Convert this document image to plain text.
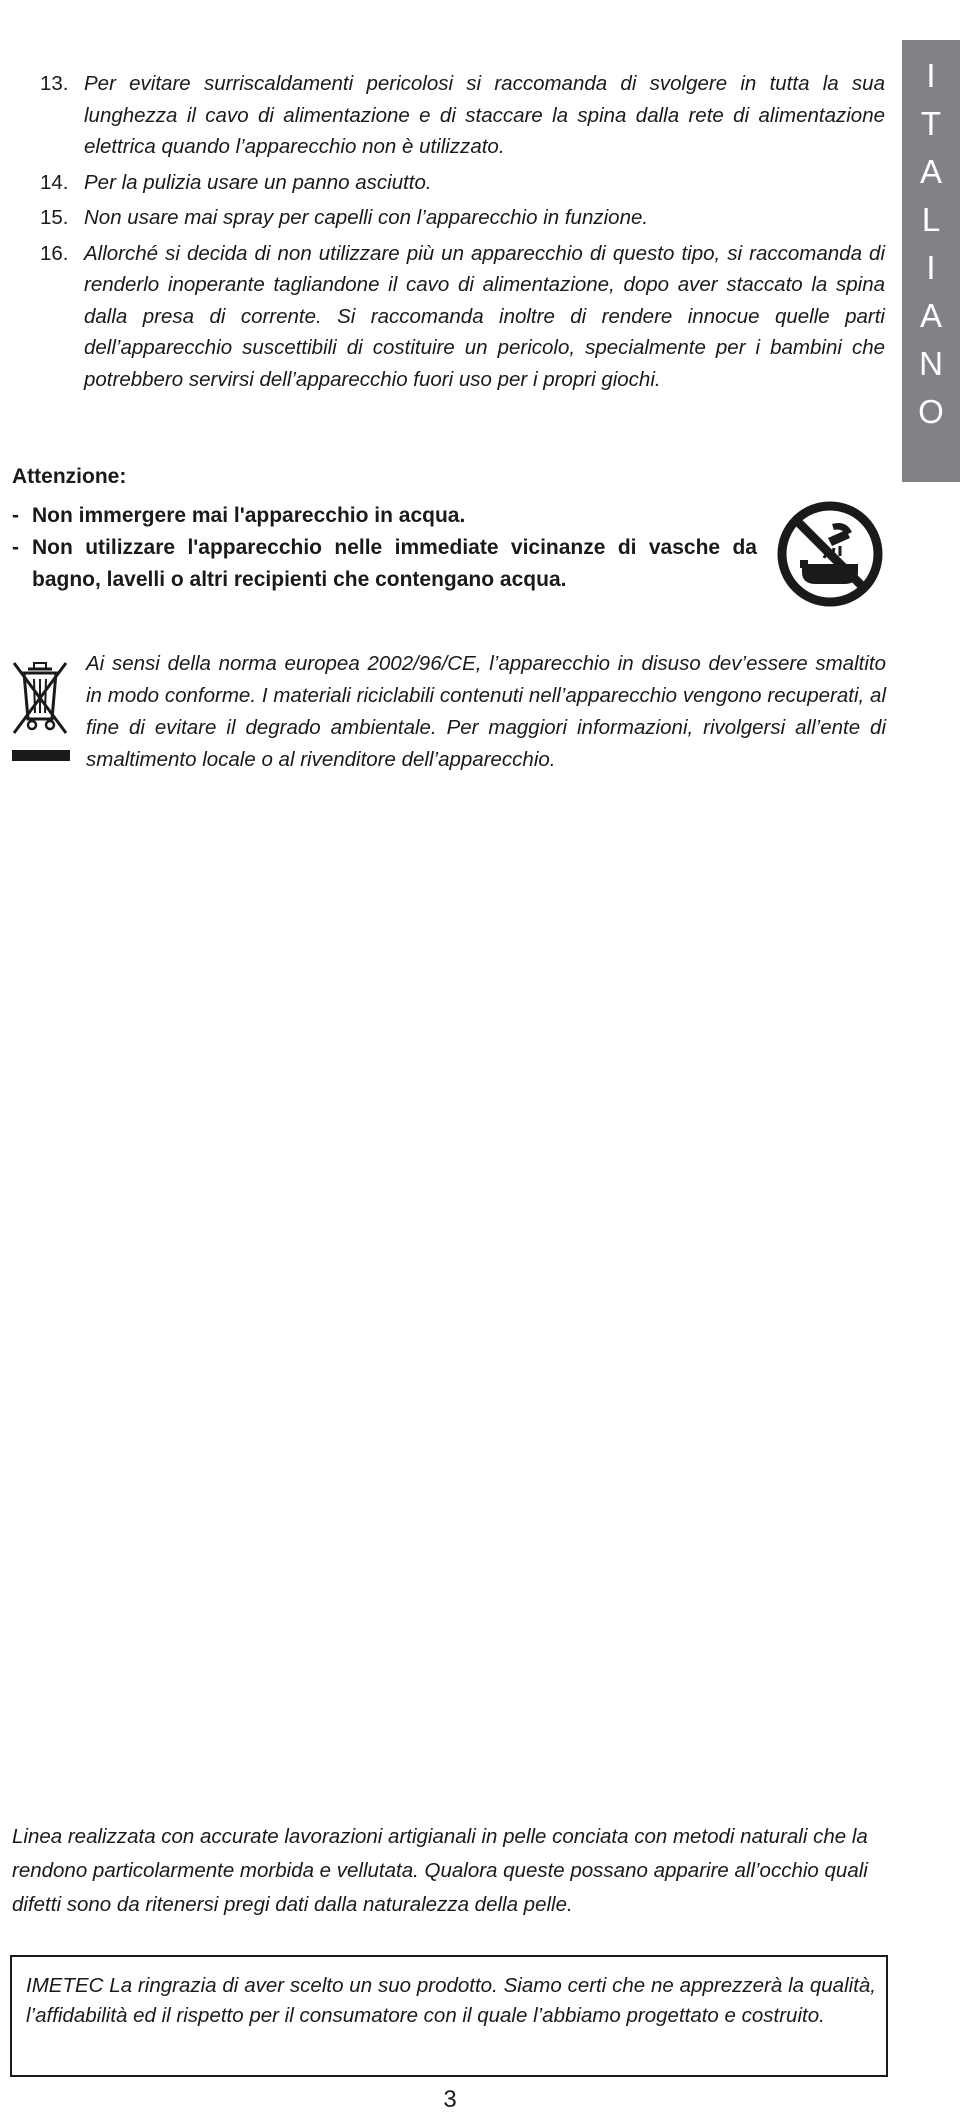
I
T
A
L
I
A
N
O
13. Per evitare surriscaldamenti pericolosi si raccomanda di svolgere in tutta la sua lunghezza il cavo di alimentazione e di staccare la spina dalla rete di alimentazione elettrica quando l’apparecchio non è utilizzato.
14. Per la pulizia usare un panno asciutto.
15. Non usare mai spray per capelli con l’apparecchio in funzione.
16. Allorché si decida di non utilizzare più un apparecchio di questo tipo, si raccomanda di renderlo inoperante tagliandone il cavo di alimentazione, dopo aver staccato la spina dalla presa di corrente. Si raccomanda inoltre di rendere innocue quelle parti dell’apparecchio suscettibili di costituire un pericolo, specialmente per i bambini che potrebbero servirsi dell’apparecchio fuori uso per i propri giochi.
Attenzione:
- Non immergere mai l'apparecchio in acqua.
- Non utilizzare l'apparecchio nelle immediate vicinanze di vasche da bagno, lavelli o altri recipienti che contengano acqua.
Ai sensi della norma europea 2002/96/CE, l’apparecchio in disuso dev’essere smaltito in modo conforme. I materiali riciclabili contenuti nell’apparecchio vengono recuperati, al fine di evitare il degrado ambientale. Per maggiori informazioni, rivolgersi all’ente di smaltimento locale o al rivenditore dell’apparecchio.
Linea realizzata con accurate lavorazioni artigianali in pelle conciata con metodi naturali che la rendono particolarmente morbida e vellutata. Qualora queste possano apparire all’occhio quali difetti sono da ritenersi pregi dati dalla naturalezza della pelle.
IMETEC La ringrazia di aver scelto un suo prodotto. Siamo certi che ne apprezzerà la qualità, l’affidabilità ed il rispetto per il consumatore con il quale l’abbiamo progettato e costruito.
3
